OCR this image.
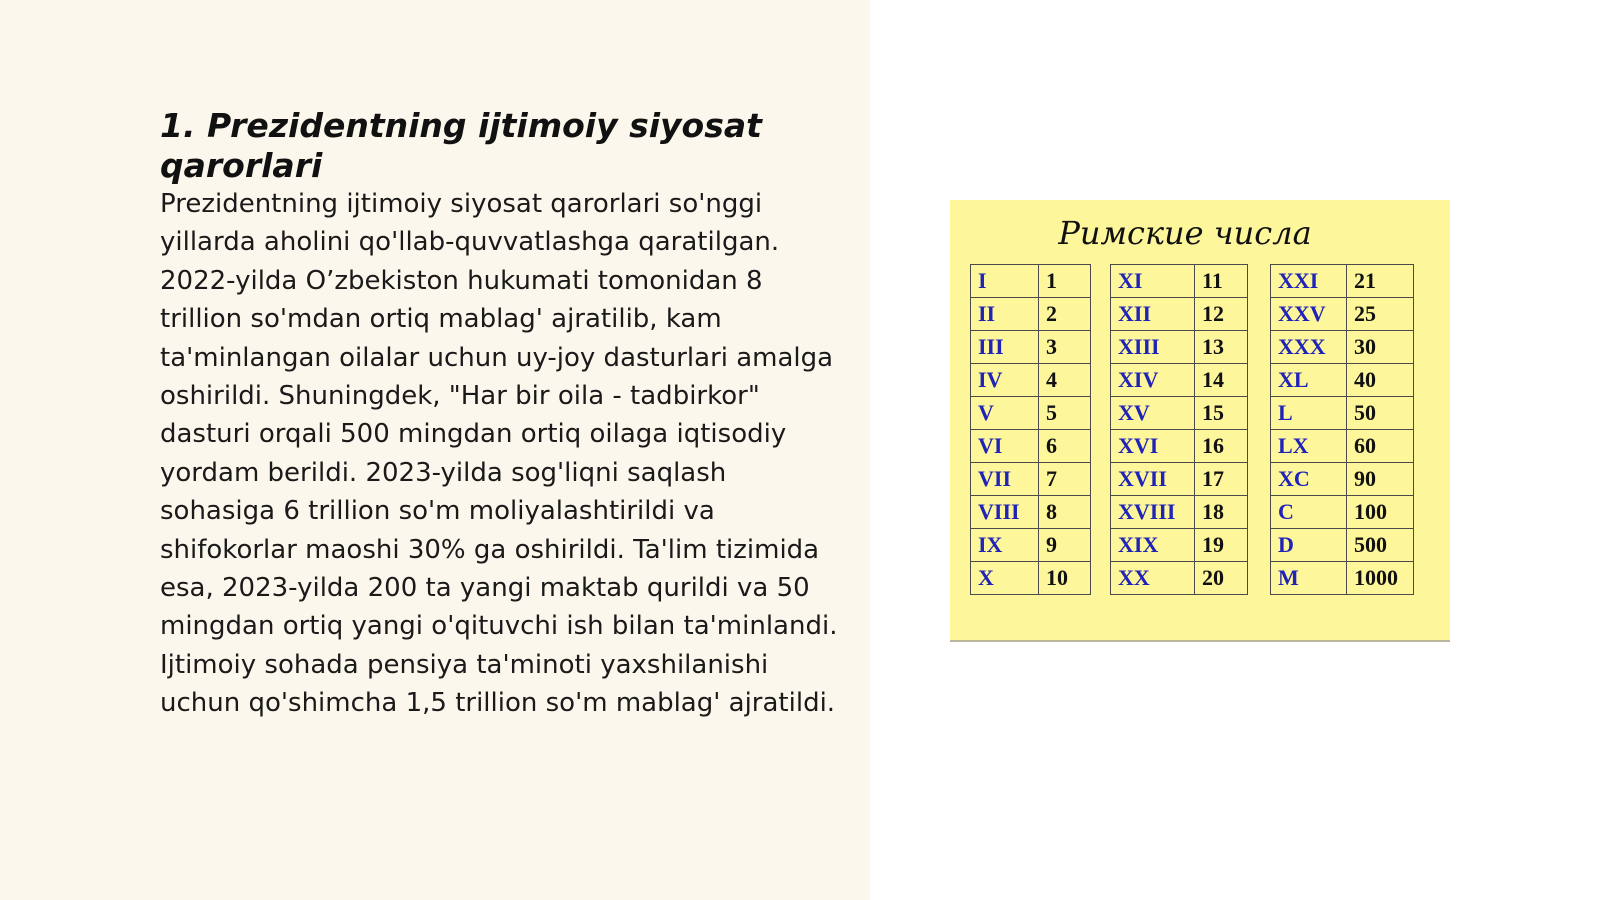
1. Prezidentning ijtimoiy siyosat qarorlari

Prezidentning ijtimoiy siyosat qarorlari so'nggi yillarda aholini qo'llab-quvvatlashga qaratilgan. 2022-yilda O’zbekiston hukumati tomonidan 8 trillion so'mdan ortiq mablag' ajratilib, kam ta'minlangan oilalar uchun uy-joy dasturlari amalga oshirildi. Shuningdek, "Har bir oila - tadbirkor" dasturi orqali 500 mingdan ortiq oilaga iqtisodiy yordam berildi. 2023-yilda sog'liqni saqlash sohasiga 6 trillion so'm moliyalashtirildi va shifokorlar maoshi 30% ga oshirildi. Ta'lim tizimida esa, 2023-yilda 200 ta yangi maktab qurildi va 50 mingdan ortiq yangi o'qituvchi ish bilan ta'minlandi. Ijtimoiy sohada pensiya ta'minoti yaxshilanishi uchun qo'shimcha 1,5 trillion so'm mablag' ajratildi.

Римские числа
I	1		XI	11		XXI	21
II	2		XII	12		XXV	25
III	3		XIII	13		XXX	30
IV	4		XIV	14		XL	40
V	5		XV	15		L	50
VI	6		XVI	16		LX	60
VII	7		XVII	17		XC	90
VIII	8		XVIII	18		C	100
IX	9		XIX	19		D	500
X	10		XX	20		M	1000
